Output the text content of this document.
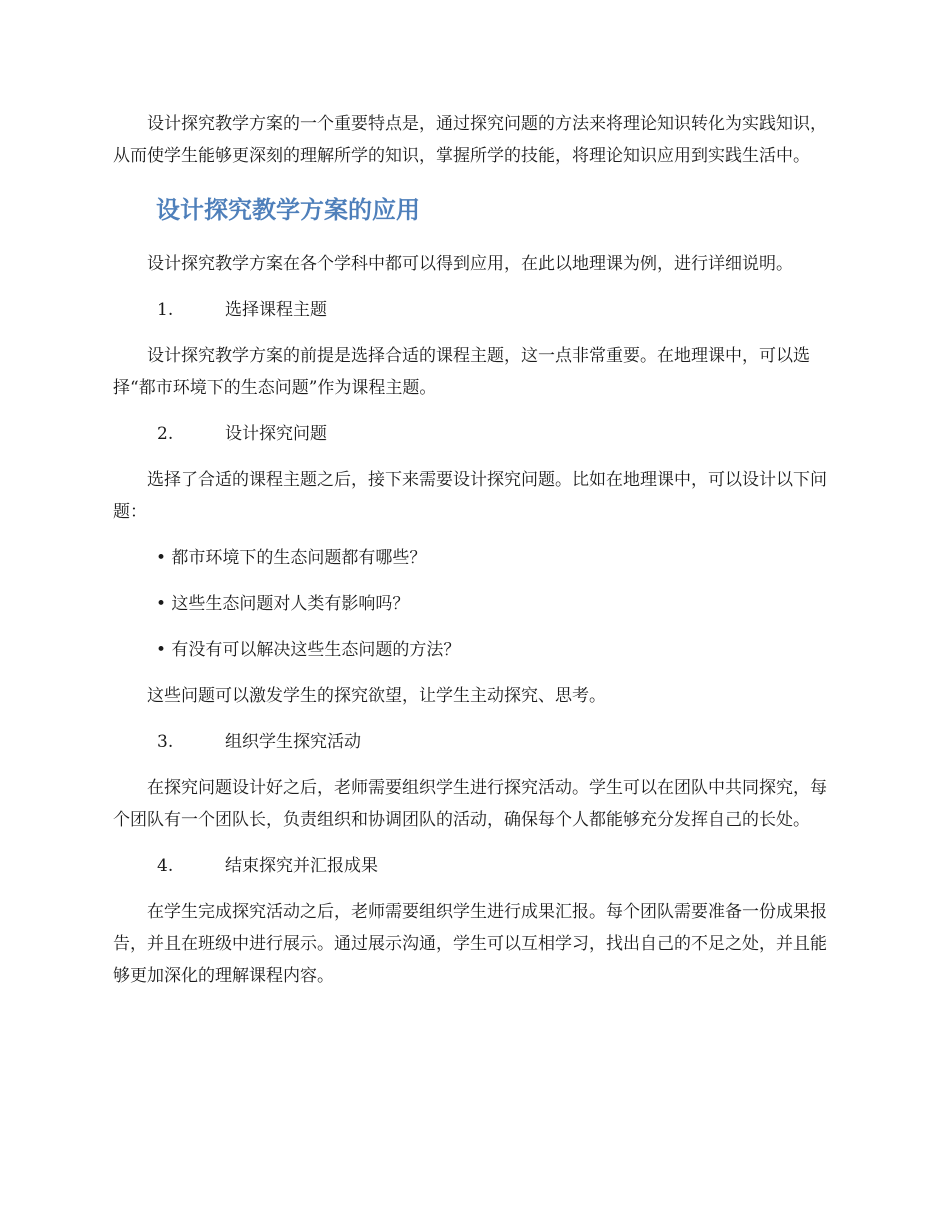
设计探究教学方案的一个重要特点是，通过探究问题的方法来将理论知识转化为实践知识，从而使学生能够更深刻的理解所学的知识，掌握所学的技能，将理论知识应用到实践生活中。

设计探究教学方案的应用

设计探究教学方案在各个学科中都可以得到应用，在此以地理课为例，进行详细说明。

1.	选择课程主题

设计探究教学方案的前提是选择合适的课程主题，这一点非常重要。在地理课中，可以选择“都市环境下的生态问题”作为课程主题。

2.	设计探究问题

选择了合适的课程主题之后，接下来需要设计探究问题。比如在地理课中，可以设计以下问题：

• 都市环境下的生态问题都有哪些？
• 这些生态问题对人类有影响吗？
• 有没有可以解决这些生态问题的方法？

这些问题可以激发学生的探究欲望，让学生主动探究、思考。

3.	组织学生探究活动

在探究问题设计好之后，老师需要组织学生进行探究活动。学生可以在团队中共同探究，每个团队有一个团队长，负责组织和协调团队的活动，确保每个人都能够充分发挥自己的长处。

4.	结束探究并汇报成果

在学生完成探究活动之后，老师需要组织学生进行成果汇报。每个团队需要准备一份成果报告，并且在班级中进行展示。通过展示沟通，学生可以互相学习，找出自己的不足之处，并且能够更加深化的理解课程内容。
